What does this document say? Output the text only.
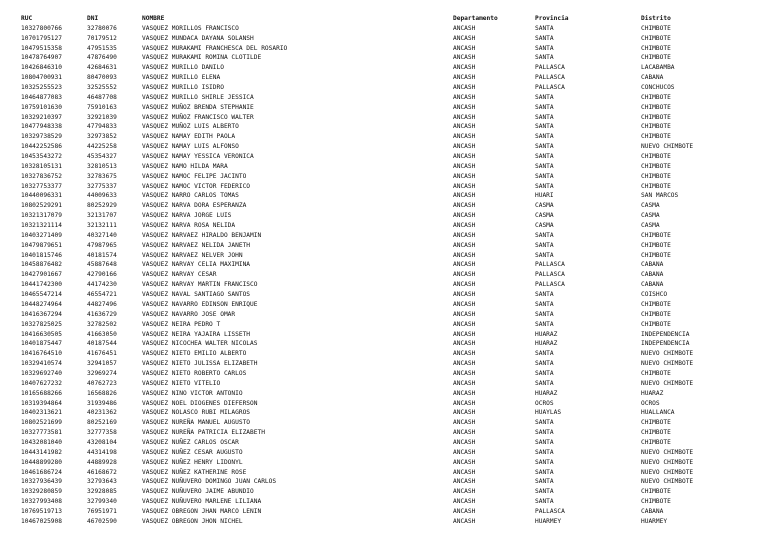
RUC	DNI	NOMBRE	Departamento	Provincia	Distrito
10327800766	32780076	VASQUEZ MORILLOS FRANCISCO	ANCASH	SANTA	CHIMBOTE
10701795127	70179512	VASQUEZ MUNDACA DAYANA SOLANSH	ANCASH	SANTA	CHIMBOTE
10479515358	47951535	VASQUEZ MURAKAMI FRANCHESCA DEL ROSARIO	ANCASH	SANTA	CHIMBOTE
10478764907	47876490	VASQUEZ MURAKAMI ROMINA CLOTILDE	ANCASH	SANTA	CHIMBOTE
10426846310	42684631	VASQUEZ MURILLO DANILO	ANCASH	PALLASCA	LACABAMBA
10804700931	80470093	VASQUEZ MURILLO ELENA	ANCASH	PALLASCA	CABANA
10325255523	32525552	VASQUEZ MURILLO ISIDRO	ANCASH	PALLASCA	CONCHUCOS
10464877083	46487708	VASQUEZ MURILLO SHIRLE JESSICA	ANCASH	SANTA	CHIMBOTE
10759101630	75910163	VASQUEZ MUÑOZ BRENDA STEPHANIE	ANCASH	SANTA	CHIMBOTE
10329210397	32921039	VASQUEZ MUÑOZ FRANCISCO WALTER	ANCASH	SANTA	CHIMBOTE
10477948338	47794833	VASQUEZ MUÑOZ LUIS ALBERTO	ANCASH	SANTA	CHIMBOTE
10329738529	32973852	VASQUEZ NAMAY EDITH PAOLA	ANCASH	SANTA	CHIMBOTE
10442252586	44225258	VASQUEZ NAMAY LUIS ALFONSO	ANCASH	SANTA	NUEVO CHIMBOTE
10453543272	45354327	VASQUEZ NAMAY YESSICA VERONICA	ANCASH	SANTA	CHIMBOTE
10328105131	32810513	VASQUEZ NAMO HILDA MARA	ANCASH	SANTA	CHIMBOTE
10327836752	32783675	VASQUEZ NAMOC FELIPE JACINTO	ANCASH	SANTA	CHIMBOTE
10327753377	32775337	VASQUEZ NAMOC VICTOR FEDERICO	ANCASH	SANTA	CHIMBOTE
10440096331	44009633	VASQUEZ NARRO CARLOS TOMAS	ANCASH	HUARI	SAN MARCOS
10802529291	80252929	VASQUEZ NARVA DORA ESPERANZA	ANCASH	CASMA	CASMA
10321317079	32131707	VASQUEZ NARVA JORGE LUIS	ANCASH	CASMA	CASMA
10321321114	32132111	VASQUEZ NARVA ROSA NELIDA	ANCASH	CASMA	CASMA
10403271409	40327140	VASQUEZ NARVAEZ HIRALDO BENJAMIN	ANCASH	SANTA	CHIMBOTE
10479879651	47987965	VASQUEZ NARVAEZ NELIDA JANETH	ANCASH	SANTA	CHIMBOTE
10401815746	40181574	VASQUEZ NARVAEZ NELVER JOHN	ANCASH	SANTA	CHIMBOTE
10458876482	45887648	VASQUEZ NARVAY CELIA MAXIMINA	ANCASH	PALLASCA	CABANA
10427901667	42790166	VASQUEZ NARVAY CESAR	ANCASH	PALLASCA	CABANA
10441742300	44174230	VASQUEZ NARVAY MARTIN FRANCISCO	ANCASH	PALLASCA	CABANA
10465547214	46554721	VASQUEZ NAVAL SANTIAGO SANTOS	ANCASH	SANTA	COISHCO
10448274964	44827496	VASQUEZ NAVARRO EDINSON ENRIQUE	ANCASH	SANTA	CHIMBOTE
10416367294	41636729	VASQUEZ NAVARRO JOSE OMAR	ANCASH	SANTA	CHIMBOTE
10327825025	32782502	VASQUEZ NEIRA PEDRO T	ANCASH	SANTA	CHIMBOTE
10416630505	41663050	VASQUEZ NEIRA YAJAIRA LISSETH	ANCASH	HUARAZ	INDEPENDENCIA
10401875447	40187544	VASQUEZ NICOCHEA WALTER NICOLAS	ANCASH	HUARAZ	INDEPENDENCIA
10416764510	41676451	VASQUEZ NIETO EMILIO ALBERTO	ANCASH	SANTA	NUEVO CHIMBOTE
10329410574	32941057	VASQUEZ NIETO JULISSA ELIZABETH	ANCASH	SANTA	NUEVO CHIMBOTE
10329692740	32969274	VASQUEZ NIETO ROBERTO CARLOS	ANCASH	SANTA	CHIMBOTE
10407627232	40762723	VASQUEZ NIETO VITELIO	ANCASH	SANTA	NUEVO CHIMBOTE
10165688266	16568826	VASQUEZ NINO VICTOR ANTONIO	ANCASH	HUARAZ	HUARAZ
10319394864	31939486	VASQUEZ NOEL DIOGENES DIEFERSON	ANCASH	OCROS	OCROS
10402313621	40231362	VASQUEZ NOLASCO RUBI MILAGROS	ANCASH	HUAYLAS	HUALLANCA
10802521699	80252169	VASQUEZ NUREÑA MANUEL AUGUSTO	ANCASH	SANTA	CHIMBOTE
10327773581	32777358	VASQUEZ NUREÑA PATRICIA ELIZABETH	ANCASH	SANTA	CHIMBOTE
10432081040	43208104	VASQUEZ NUÑEZ CARLOS OSCAR	ANCASH	SANTA	CHIMBOTE
10443141982	44314198	VASQUEZ NUÑEZ CESAR AUGUSTO	ANCASH	SANTA	NUEVO CHIMBOTE
10448899280	44889928	VASQUEZ NUÑEZ HENRY LIDONYL	ANCASH	SANTA	NUEVO CHIMBOTE
10461686724	46168672	VASQUEZ NUÑEZ KATHERINE ROSE	ANCASH	SANTA	NUEVO CHIMBOTE
10327936439	32793643	VASQUEZ NUÑUVERO DOMINGO JUAN CARLOS	ANCASH	SANTA	NUEVO CHIMBOTE
10329280859	32928085	VASQUEZ NUÑUVERO JAIME ABUNDIO	ANCASH	SANTA	CHIMBOTE
10327993408	32799340	VASQUEZ NUÑUVERO MARLENE LILIANA	ANCASH	SANTA	CHIMBOTE
10769519713	76951971	VASQUEZ OBREGON JHAN MARCO LENIN	ANCASH	PALLASCA	CABANA
10467025908	46702590	VASQUEZ OBREGON JHON NICHEL	ANCASH	HUARMEY	HUARMEY
